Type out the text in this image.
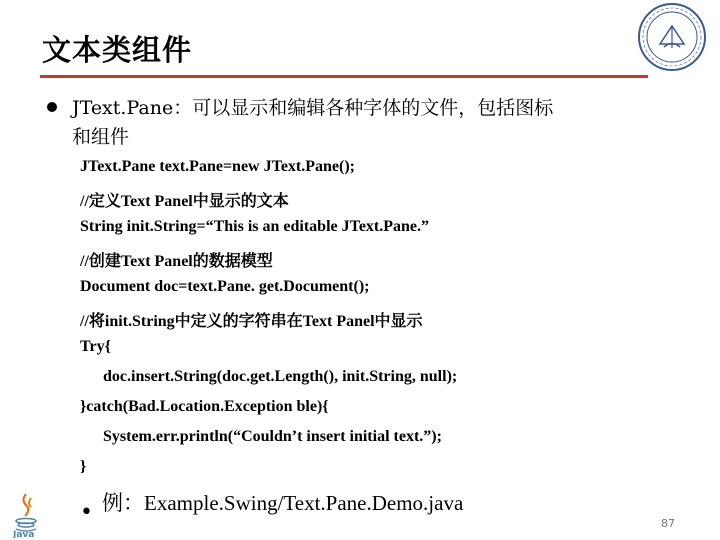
文本类组件
JText.Pane：可以显示和编辑各种字体的文件，包括图标
和组件
JText.Pane text.Pane=new JText.Pane();
//定义Text Panel中显示的文本
String init.String=“This is an editable JText.Pane.”
//创建Text Panel的数据模型
Document doc=text.Pane. get.Document();
//将init.String中定义的字符串在Text Panel中显示
Try{
doc.insert.String(doc.get.Length(), init.String, null);
}catch(Bad.Location.Exception ble){
System.err.println(“Couldn’t insert initial text.”);
}
• 例：Example.Swing/Text.Pane.Demo.java
Java
87
